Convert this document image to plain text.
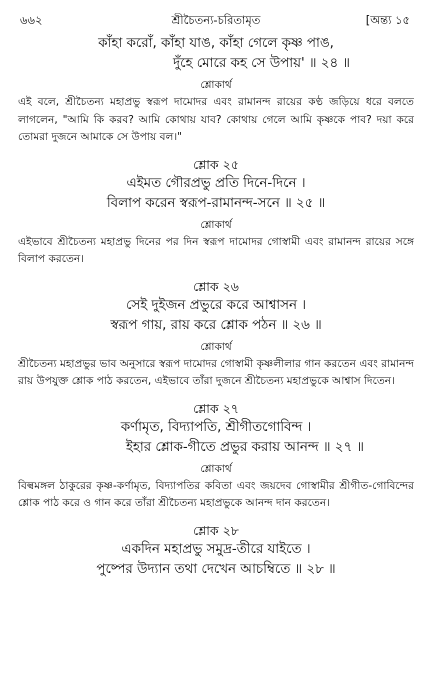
৬৬২	শ্রীচৈতন্য-চরিতামৃত	[অন্ত্য ১৫
কাঁহা করোঁ, কাঁহা যাঙ, কাঁহা গেলে কৃষ্ণ পাঙ,
দুঁহে মোরে কহ সে উপায়' ॥ ২৪ ॥
শ্লোকার্থ

এই বলে, শ্রীচৈতন্য মহাপ্রভু স্বরূপ দামোদর এবং রামানন্দ রায়ের কণ্ঠ জড়িয়ে ধরে বলতে লাগলেন, "আমি কি করব? আমি কোথায় যাব? কোথায় গেলে আমি কৃষ্ণকে পাব? দয়া করে তোমরা দুজনে আমাকে সে উপায় বল।"

শ্লোক ২৫
এইমত গৌরপ্রভু প্রতি দিনে-দিনে ।
বিলাপ করেন স্বরূপ-রামানন্দ-সনে ॥ ২৫ ॥
শ্লোকার্থ

এইভাবে শ্রীচৈতন্য মহাপ্রভু দিনের পর দিন স্বরূপ দামোদর গোস্বামী এবং রামানন্দ রায়ের সঙ্গে বিলাপ করতেন।

শ্লোক ২৬
সেই দুইজন প্রভুরে করে আশ্বাসন ।
স্বরূপ গায়, রায় করে শ্লোক পঠন ॥ ২৬ ॥
শ্লোকার্থ

শ্রীচৈতন্য মহাপ্রভুর ভাব অনুসারে স্বরূপ দামোদর গোস্বামী কৃষ্ণলীলার গান করতেন এবং রামানন্দ রায় উপযুক্ত শ্লোক পাঠ করতেন, এইভাবে তাঁরা দুজনে শ্রীচৈতন্য মহাপ্রভুকে আশ্বাস দিতেন।

শ্লোক ২৭
কর্ণামৃত, বিদ্যাপতি, শ্রীগীতগোবিন্দ ।
ইহার শ্লোক-গীতে প্রভুর করায় আনন্দ ॥ ২৭ ॥
শ্লোকার্থ

বিল্বমঙ্গল ঠাকুরের কৃষ্ণ-কর্ণামৃত, বিদ্যাপতির কবিতা এবং জয়দেব গোস্বামীর শ্রীগীত-গোবিন্দের শ্লোক পাঠ করে ও গান করে তাঁরা শ্রীচৈতন্য মহাপ্রভুকে আনন্দ দান করতেন।

শ্লোক ২৮
একদিন মহাপ্রভু সমুদ্র-তীরে যাইতে ।
পুষ্পের উদ্যান তথা দেখেন আচম্বিতে ॥ ২৮ ॥
